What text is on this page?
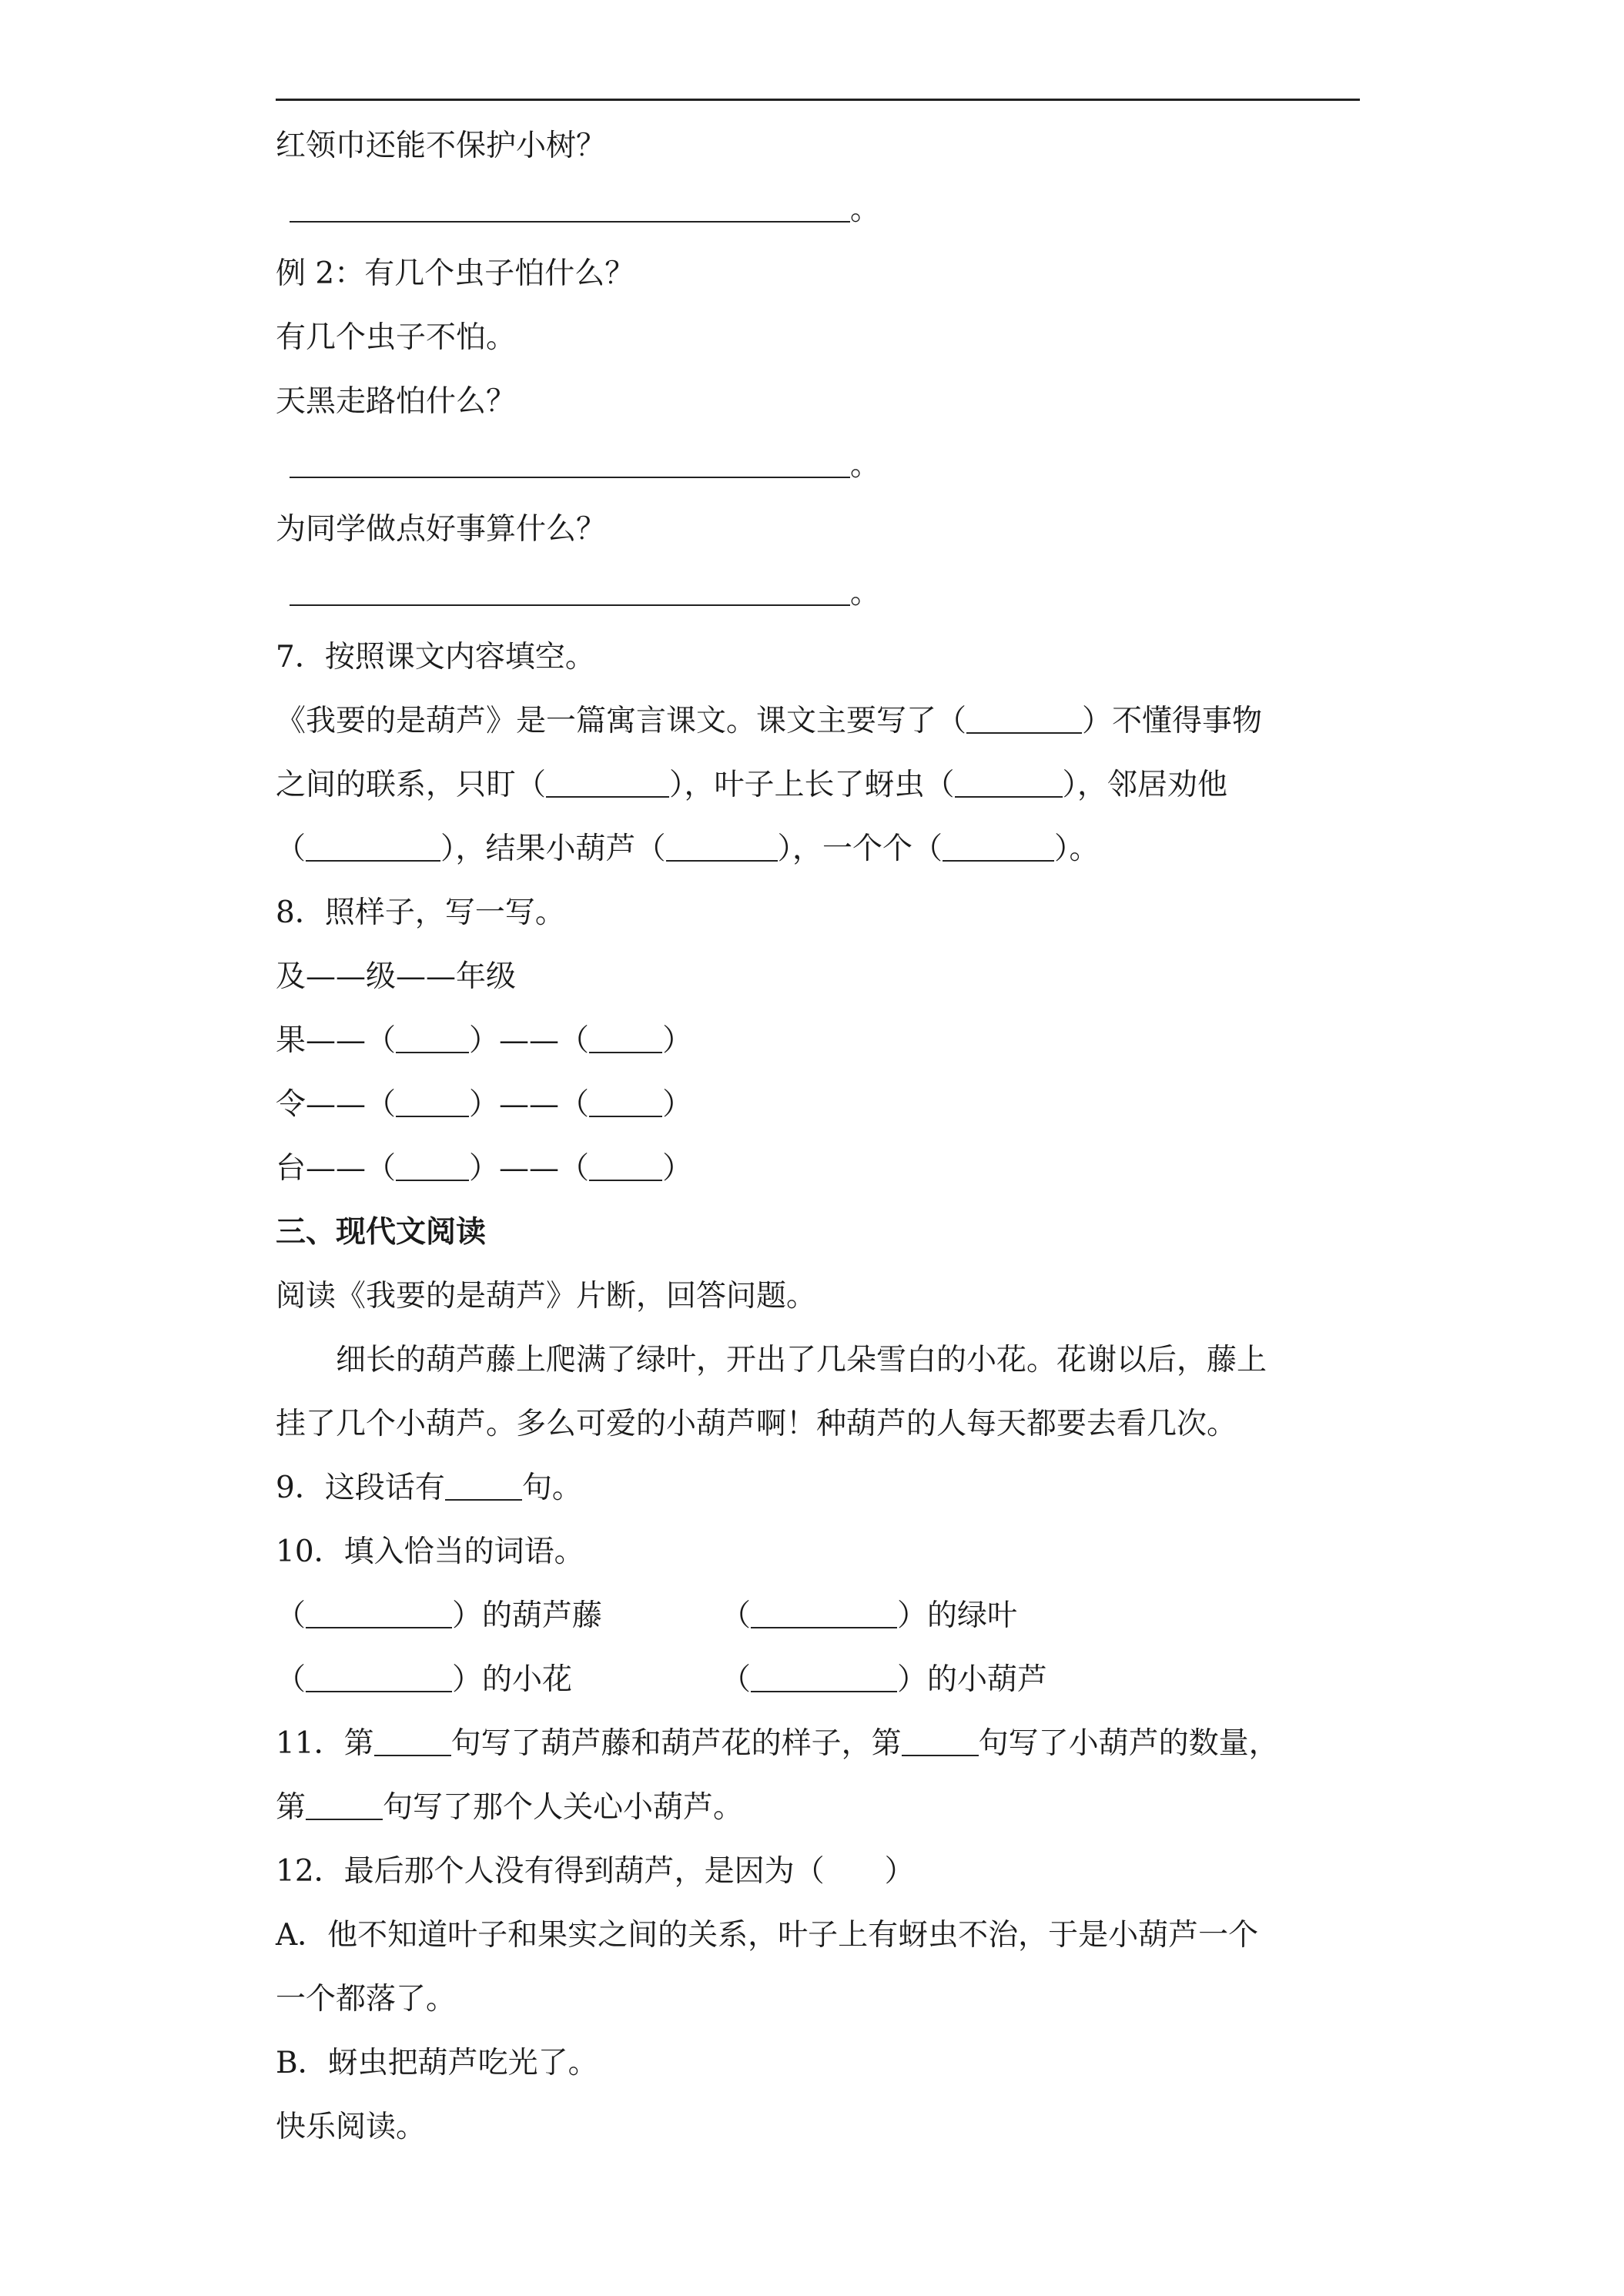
红领巾还能不保护小树？
。
例 2：有几个虫子怕什么？
有几个虫子不怕。
天黑走路怕什么？
。
为同学做点好事算什么？
。
7．按照课文内容填空。
《我要的是葫芦》是一篇寓言课文。课文主要写了（	）不懂得事物
之间的联系，只盯（	），叶子上长了蚜虫（	），邻居劝他
（	），结果小葫芦（	），一个个（	）。
8．照样子，写一写。
及——级——年级
果——（ ）——（ ）
令——（ ）——（ ）
台——（ ）——（ ）
三、现代文阅读
阅读《我要的是葫芦》片断，回答问题。
细长的葫芦藤上爬满了绿叶，开出了几朵雪白的小花。花谢以后，藤上
挂了几个小葫芦。多么可爱的小葫芦啊！种葫芦的人每天都要去看几次。
9．这段话有	句。
10．填入恰当的词语。
（	）的葫芦藤	（	）的绿叶
（	）的小花	（	）的小葫芦
11．第	句写了葫芦藤和葫芦花的样子，第	句写了小葫芦的数量，
第	句写了那个人关心小葫芦。
12．最后那个人没有得到葫芦，是因为（　　）
A．他不知道叶子和果实之间的关系，叶子上有蚜虫不治，于是小葫芦一个
一个都落了。
B．蚜虫把葫芦吃光了。
快乐阅读。
